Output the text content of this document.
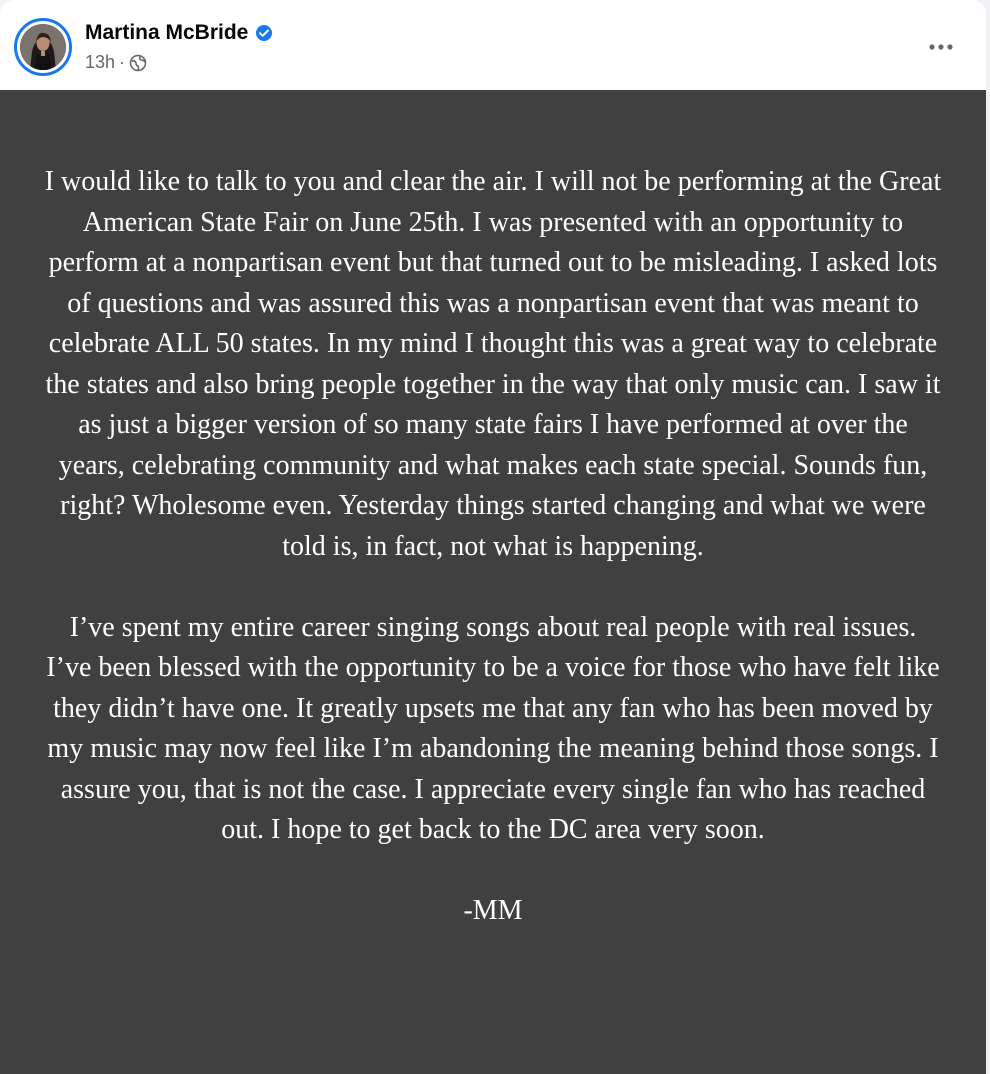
Martina McBride
13h ·

I would like to talk to you and clear the air. I will not be performing at the Great American State Fair on June 25th. I was presented with an opportunity to perform at a nonpartisan event but that turned out to be misleading. I asked lots of questions and was assured this was a nonpartisan event that was meant to celebrate ALL 50 states. In my mind I thought this was a great way to celebrate the states and also bring people together in the way that only music can. I saw it as just a bigger version of so many state fairs I have performed at over the years, celebrating community and what makes each state special. Sounds fun, right? Wholesome even. Yesterday things started changing and what we were told is, in fact, not what is happening.

I’ve spent my entire career singing songs about real people with real issues. I’ve been blessed with the opportunity to be a voice for those who have felt like they didn’t have one. It greatly upsets me that any fan who has been moved by my music may now feel like I’m abandoning the meaning behind those songs. I assure you, that is not the case. I appreciate every single fan who has reached out. I hope to get back to the DC area very soon.

-MM
